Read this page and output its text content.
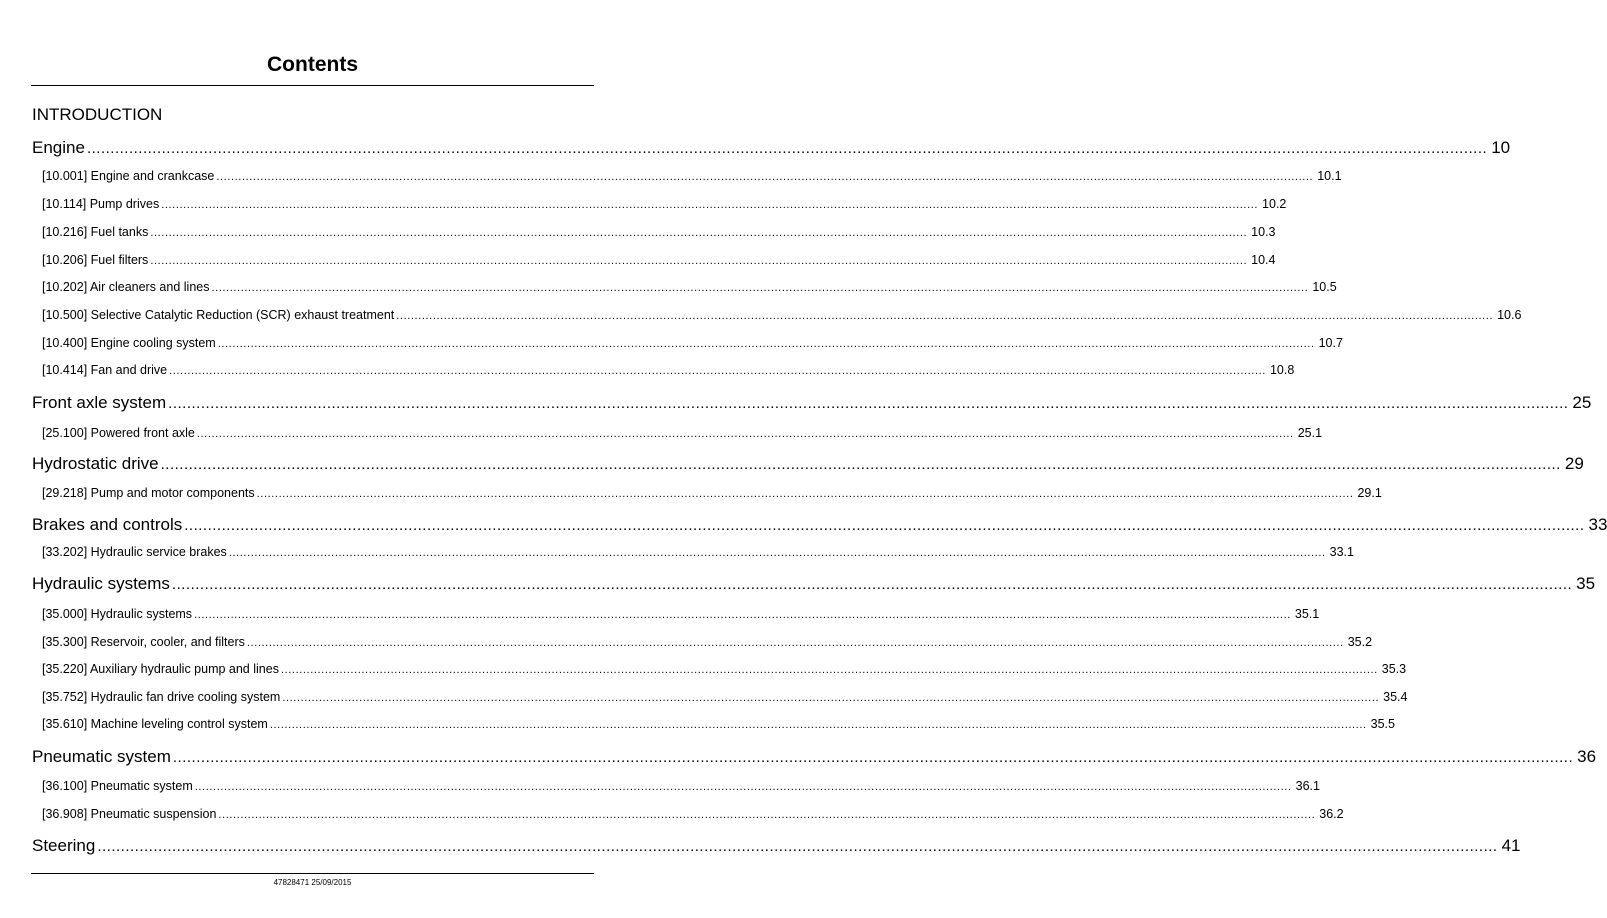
Contents
INTRODUCTION
Engine ............................................................................................................................................................................................................................................................................................................ 10
[10.001] Engine and crankcase ............................................................................................................................................................................................................................................................................................................ 10.1
[10.114] Pump drives ............................................................................................................................................................................................................................................................................................................ 10.2
[10.216] Fuel tanks ............................................................................................................................................................................................................................................................................................................ 10.3
[10.206] Fuel filters ............................................................................................................................................................................................................................................................................................................ 10.4
[10.202] Air cleaners and lines ............................................................................................................................................................................................................................................................................................................ 10.5
[10.500] Selective Catalytic Reduction (SCR) exhaust treatment ............................................................................................................................................................................................................................................................................................................ 10.6
[10.400] Engine cooling system ............................................................................................................................................................................................................................................................................................................ 10.7
[10.414] Fan and drive ............................................................................................................................................................................................................................................................................................................ 10.8
Front axle system ............................................................................................................................................................................................................................................................................................................ 25
[25.100] Powered front axle ............................................................................................................................................................................................................................................................................................................ 25.1
Hydrostatic drive ............................................................................................................................................................................................................................................................................................................ 29
[29.218] Pump and motor components ............................................................................................................................................................................................................................................................................................................ 29.1
Brakes and controls ............................................................................................................................................................................................................................................................................................................ 33
[33.202] Hydraulic service brakes ............................................................................................................................................................................................................................................................................................................ 33.1
Hydraulic systems ............................................................................................................................................................................................................................................................................................................ 35
[35.000] Hydraulic systems ............................................................................................................................................................................................................................................................................................................ 35.1
[35.300] Reservoir, cooler, and filters ............................................................................................................................................................................................................................................................................................................ 35.2
[35.220] Auxiliary hydraulic pump and lines ............................................................................................................................................................................................................................................................................................................ 35.3
[35.752] Hydraulic fan drive cooling system ............................................................................................................................................................................................................................................................................................................ 35.4
[35.610] Machine leveling control system ............................................................................................................................................................................................................................................................................................................ 35.5
Pneumatic system ............................................................................................................................................................................................................................................................................................................ 36
[36.100] Pneumatic system ............................................................................................................................................................................................................................................................................................................ 36.1
[36.908] Pneumatic suspension ............................................................................................................................................................................................................................................................................................................ 36.2
Steering ............................................................................................................................................................................................................................................................................................................ 41
47828471 25/09/2015
